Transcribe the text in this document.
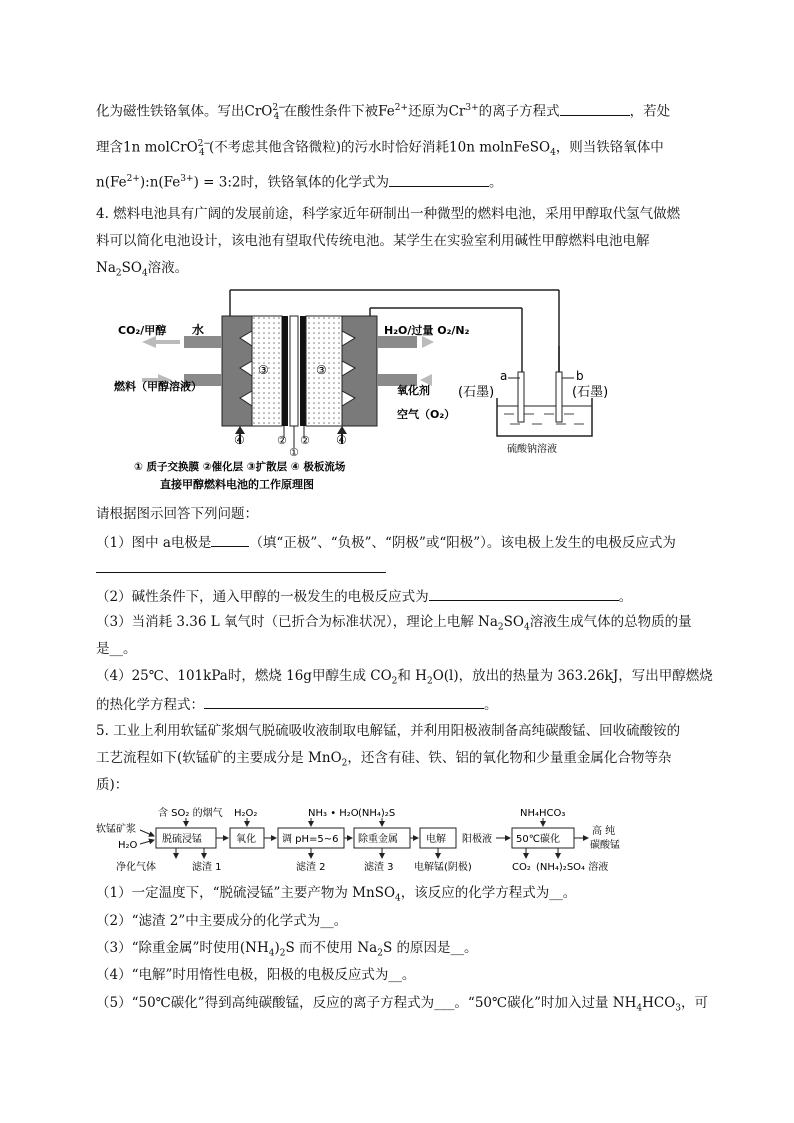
化为磁性铁铬氧体。写出CrO$^{2-}_4$ 在酸性条件下被$Fe^{2+}$还原为$Cr^{3+}$的离子方程式	，若处
理含1n molCrO$^{2-}_4$ (不考虑其他含铬微粒)的污水时恰好消耗10n molnFeSO$_4$，则当铁铬氧体中
$n(Fe^{2+}):n(Fe^{3+})$ = 3:2时，铁铬氧体的化学式为	。
4. 燃料电池具有广阔的发展前途，科学家近年研制出一种微型的燃料电池，采用甲醇取代氢气做燃
料可以简化电池设计，该电池有望取代传统电池。某学生在实验室利用碱性甲醇燃料电池电解
$Na_2SO_4$溶液。
CO₂/甲醇 水
燃料（甲醇溶液）
H₂O/过量 O₂/N₂
氧化剂
空气（O₂）
③	③
④	④
② ②
①
a	b
(石墨)	(石墨)
硫酸钠溶液
① 质子交换膜 ②催化层 ③扩散层 ④ 极板流场
直接甲醇燃料电池的工作原理图
请根据图示回答下列问题：
（1）图中 a电极是	（填“正极”、“负极”、“阴极”或“阳极”）。该电极上发生的电极反应式为
（2）碱性条件下，通入甲醇的一极发生的电极反应式为	。
（3）当消耗 3.36 L 氧气时（已折合为标准状况），理论上电解 $Na_2SO_4$溶液生成气体的总物质的量
是__。
（4）25℃、101kPa时，燃烧 16g甲醇生成 $CO_2$和 $H_2O(l)$，放出的热量为 363.26kJ，写出甲醇燃烧
的热化学方程式：	。
5. 工业上利用软锰矿浆烟气脱硫吸收液制取电解锰，并利用阳极液制备高纯碳酸锰、回收硫酸铵的
工艺流程如下(软锰矿的主要成分是 MnO$_2$，还含有硅、铁、铝的氧化物和少量重金属化合物等杂
质)：
含 SO₂ 的烟气 H₂O₂	NH₃ • H₂O (NH₄)₂S	NH₄HCO₃
软锰矿浆
H₂O
脱硫浸锰	氧化	调 pH=5~6 除重金属	电解 阳极液 50℃碳化
高 纯
碳酸锰
净化气体	滤渣 1	滤渣 2	滤渣 3 电解锰(阴极)	CO₂ (NH₄)₂SO₄ 溶液
（1）一定温度下，“脱硫浸锰”主要产物为 MnSO$_4$，该反应的化学方程式为__。
（2）“滤渣 2”中主要成分的化学式为__。
（3）“除重金属”时使用$(NH_4)_2S$ 而不使用 $Na_2S$ 的原因是__。
（4）“电解”时用惰性电极，阳极的电极反应式为__。
（5）“50℃碳化”得到高纯碳酸锰，反应的离子方程式为___。“50℃碳化”时加入过量 $NH_4HCO_3$，可
